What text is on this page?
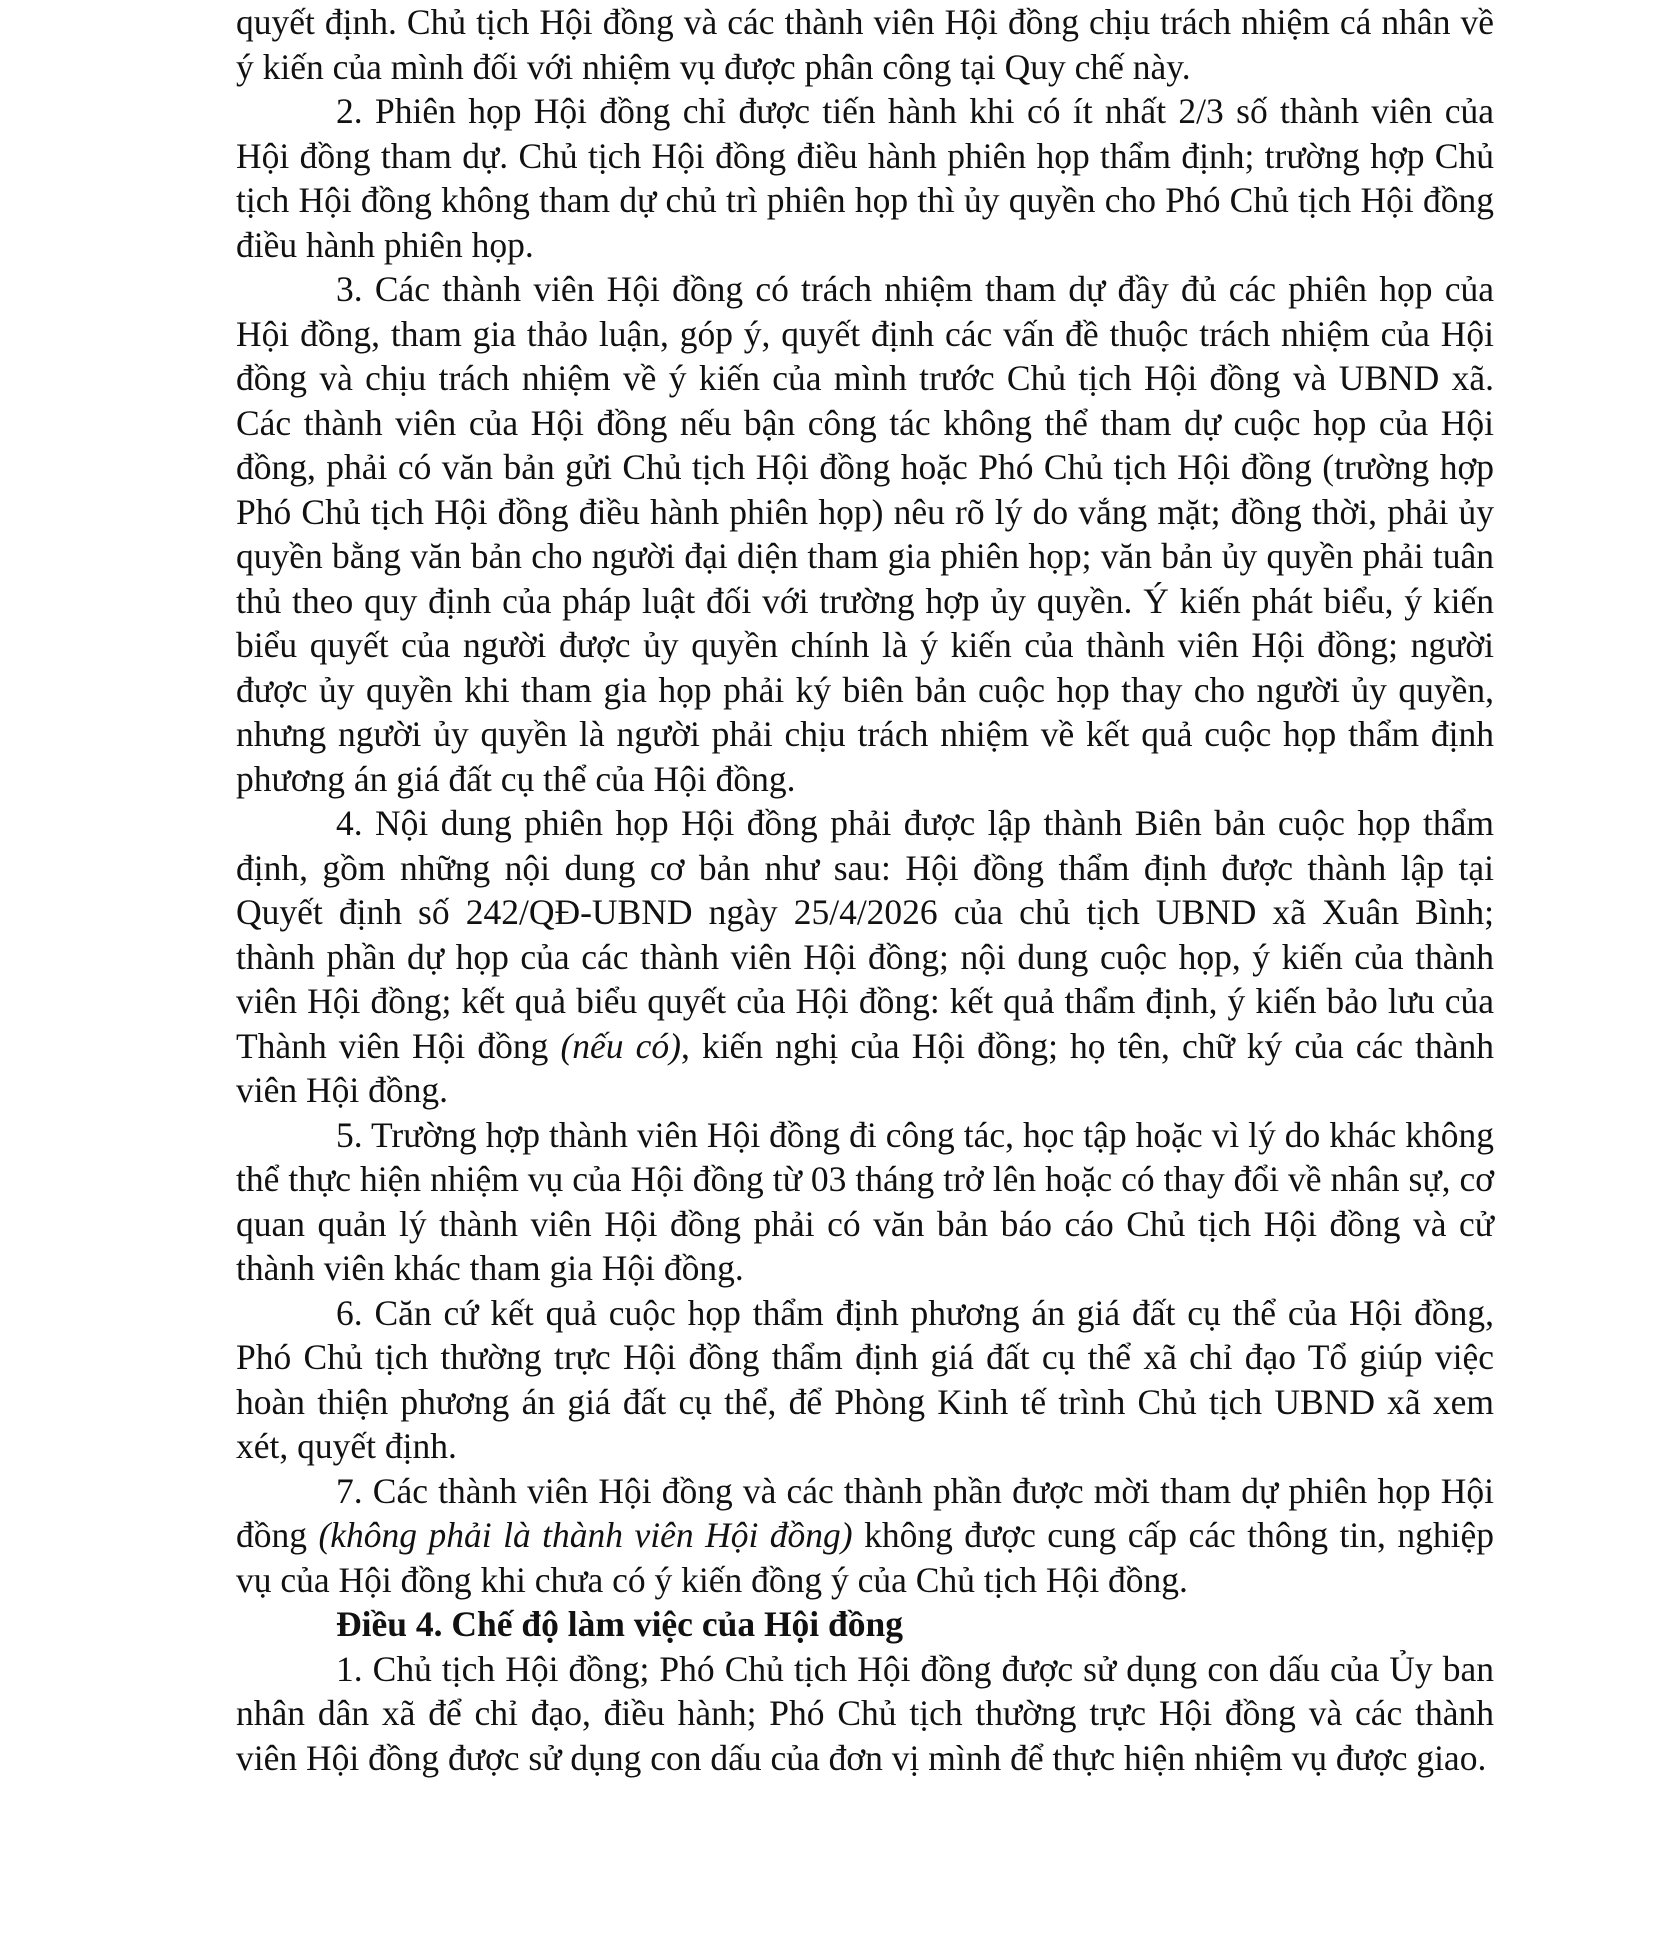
quyết định. Chủ tịch Hội đồng và các thành viên Hội đồng chịu trách nhiệm cá nhân về ý kiến của mình đối với nhiệm vụ được phân công tại Quy chế này.

2. Phiên họp Hội đồng chỉ được tiến hành khi có ít nhất 2/3 số thành viên của Hội đồng tham dự. Chủ tịch Hội đồng điều hành phiên họp thẩm định; trường hợp Chủ tịch Hội đồng không tham dự chủ trì phiên họp thì ủy quyền cho Phó Chủ tịch Hội đồng điều hành phiên họp.

3. Các thành viên Hội đồng có trách nhiệm tham dự đầy đủ các phiên họp của Hội đồng, tham gia thảo luận, góp ý, quyết định các vấn đề thuộc trách nhiệm của Hội đồng và chịu trách nhiệm về ý kiến của mình trước Chủ tịch Hội đồng và UBND xã. Các thành viên của Hội đồng nếu bận công tác không thể tham dự cuộc họp của Hội đồng, phải có văn bản gửi Chủ tịch Hội đồng hoặc Phó Chủ tịch Hội đồng (trường hợp Phó Chủ tịch Hội đồng điều hành phiên họp) nêu rõ lý do vắng mặt; đồng thời, phải ủy quyền bằng văn bản cho người đại diện tham gia phiên họp; văn bản ủy quyền phải tuân thủ theo quy định của pháp luật đối với trường hợp ủy quyền. Ý kiến phát biểu, ý kiến biểu quyết của người được ủy quyền chính là ý kiến của thành viên Hội đồng; người được ủy quyền khi tham gia họp phải ký biên bản cuộc họp thay cho người ủy quyền, nhưng người ủy quyền là người phải chịu trách nhiệm về kết quả cuộc họp thẩm định phương án giá đất cụ thể của Hội đồng.

4. Nội dung phiên họp Hội đồng phải được lập thành Biên bản cuộc họp thẩm định, gồm những nội dung cơ bản như sau: Hội đồng thẩm định được thành lập tại Quyết định số 242/QĐ-UBND ngày 25/4/2026 của chủ tịch UBND xã Xuân Bình; thành phần dự họp của các thành viên Hội đồng; nội dung cuộc họp, ý kiến của thành viên Hội đồng; kết quả biểu quyết của Hội đồng: kết quả thẩm định, ý kiến bảo lưu của Thành viên Hội đồng (nếu có), kiến nghị của Hội đồng; họ tên, chữ ký của các thành viên Hội đồng.

5. Trường hợp thành viên Hội đồng đi công tác, học tập hoặc vì lý do khác không thể thực hiện nhiệm vụ của Hội đồng từ 03 tháng trở lên hoặc có thay đổi về nhân sự, cơ quan quản lý thành viên Hội đồng phải có văn bản báo cáo Chủ tịch Hội đồng và cử thành viên khác tham gia Hội đồng.

6. Căn cứ kết quả cuộc họp thẩm định phương án giá đất cụ thể của Hội đồng, Phó Chủ tịch thường trực Hội đồng thẩm định giá đất cụ thể xã chỉ đạo Tổ giúp việc hoàn thiện phương án giá đất cụ thể, để Phòng Kinh tế trình Chủ tịch UBND xã xem xét, quyết định.

7. Các thành viên Hội đồng và các thành phần được mời tham dự phiên họp Hội đồng (không phải là thành viên Hội đồng) không được cung cấp các thông tin, nghiệp vụ của Hội đồng khi chưa có ý kiến đồng ý của Chủ tịch Hội đồng.

Điều 4. Chế độ làm việc của Hội đồng

1. Chủ tịch Hội đồng; Phó Chủ tịch Hội đồng được sử dụng con dấu của Ủy ban nhân dân xã để chỉ đạo, điều hành; Phó Chủ tịch thường trực Hội đồng và các thành viên Hội đồng được sử dụng con dấu của đơn vị mình để thực hiện nhiệm vụ được giao.
